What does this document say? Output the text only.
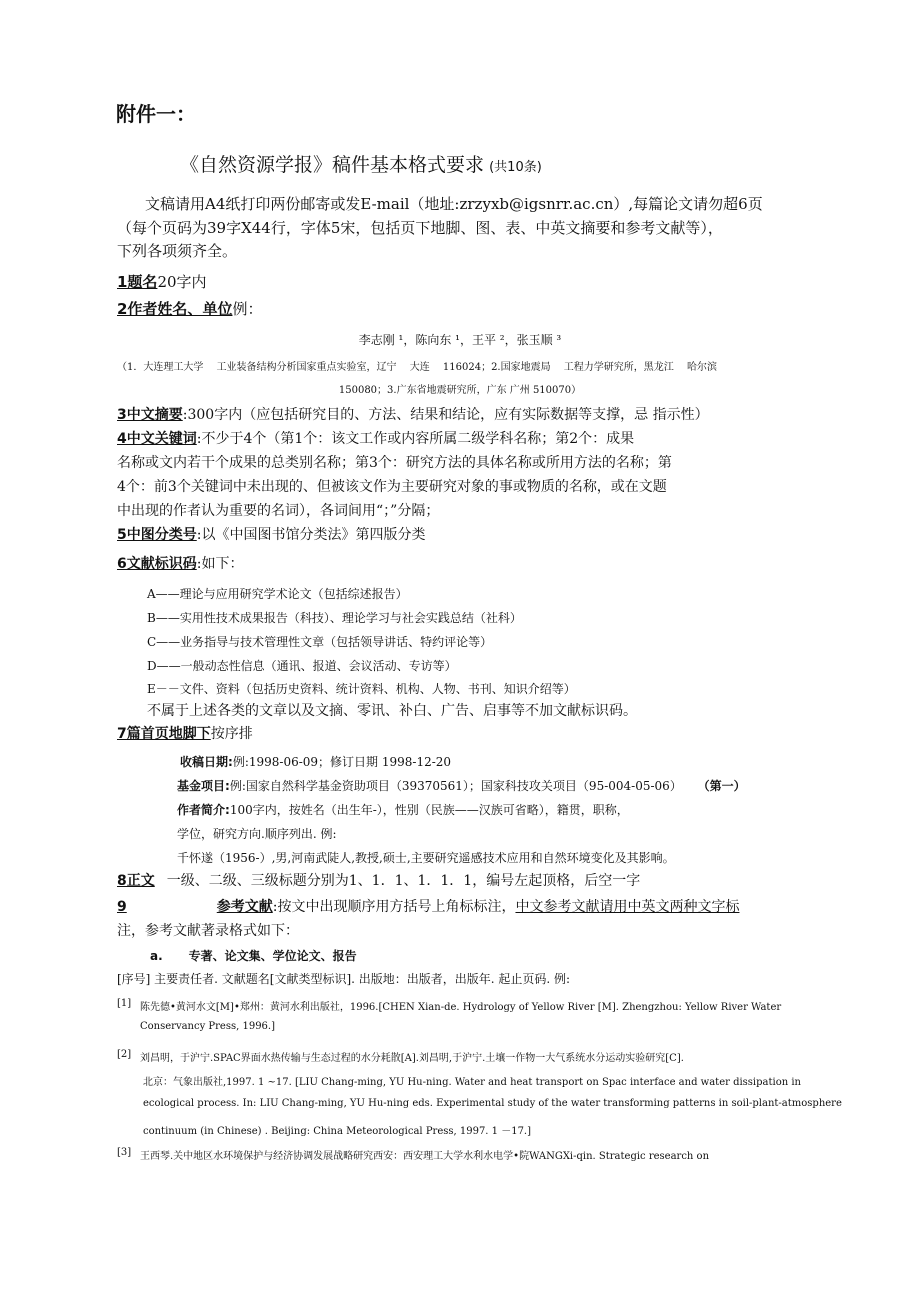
附件一：
《自然资源学报》稿件基本格式要求 (共10条)
文稿请用A4纸打印两份邮寄或发E-mail（地址:zrzyxb@igsnrr.ac.cn）,每篇论文请勿超6页
（每个页码为39字X44行，字体5宋，包括页下地脚、图、表、中英文摘要和参考文献等），
下列各项须齐全。
1题名20字内
2作者姓名、单位例：
李志刚 ¹，陈向东 ¹，王平 ²，张玉顺 ³
（1．大连理工大学　 工业装备结构分析国家重点实验室，辽宁　 大连　 116024；2.国家地震局　 工程力学研究所，黑龙江　 哈尔滨
150080；3.广东省地震研究所，广东 广州 510070）
3中文摘要:300字内（应包括研究目的、方法、结果和结论，应有实际数据等支撑，忌 指示性）
4中文关键词:不少于4个（第1个：该文工作或内容所属二级学科名称；第2个：成果
名称或文内若干个成果的总类别名称；第3个：研究方法的具体名称或所用方法的名称；第
4个：前3个关键词中未出现的、但被该文作为主要研究对象的事或物质的名称，或在文题
中出现的作者认为重要的名词），各词间用“；”分隔；
5中图分类号:以《中国图书馆分类法》第四版分类
6文献标识码:如下：
A——理论与应用研究学术论文（包括综述报告）
B——实用性技术成果报告（科技）、理论学习与社会实践总结（社科）
C——业务指导与技术管理性文章（包括领导讲话、特约评论等）
D——一般动态性信息（通讯、报道、会议活动、专访等）
E－－文件、资料（包括历史资料、统计资料、机构、人物、书刊、知识介绍等）
不属于上述各类的文章以及文摘、零讯、补白、广告、启事等不加文献标识码。
7篇首页地脚下按序排
收稿日期:例:1998-06-09；修订日期 1998-12-20
基金项目:例:国家自然科学基金资助项目（39370561）；国家科技攻关项目（95-004-05-06） （第一）
作者简介:100字内，按姓名（出生年-），性别（民族——汉族可省略），籍贯，职称，
学位，研究方向.顺序列出. 例:
千怀遂（1956-）,男,河南武陡人,教授,硕士,主要研究遥感技术应用和自然环境变化及其影响。
8正文 一级、二级、三级标题分别为1、1．1、1．1．1，编号左起顶格，后空一字
9	参考文献:按文中出现顺序用方括号上角标标注，中文参考文献请用中英文两种文字标
注，参考文献著录格式如下：
a. 专著、论文集、学位论文、报告
[序号] 主要责任者. 文献题名[文献类型标识]. 出版地：出版者，出版年. 起止页码. 例:
[1] 陈先德•黄河水文[M]•郑州：黄河水利出版社，1996.[CHEN Xian-de. Hydrology of Yellow River [M]. Zhengzhou: Yellow River Water
Conservancy Press, 1996.]
[2] 刘昌明，于沪宁.SPAC界面水热传输与生态过程的水分耗散[A].刘昌明,于沪宁.土壤一作物一大气系统水分运动实验研究[C].
北京：气象出版社,1997. 1 ~17. [LIU Chang-ming, YU Hu-ning. Water and heat transport on Spac interface and water dissipation in
ecological process. In: LIU Chang-ming, YU Hu-ning eds. Experimental study of the water transforming patterns in soil-plant-atmosphere
continuum (in Chinese) . Beijing: China Meteorological Press, 1997. 1 －17.]
[3] 王西琴.关中地区水环境保护与经济协调发展战略研究西安：西安理工大学水利水电学•院WANGXi-qin. Strategic research on
